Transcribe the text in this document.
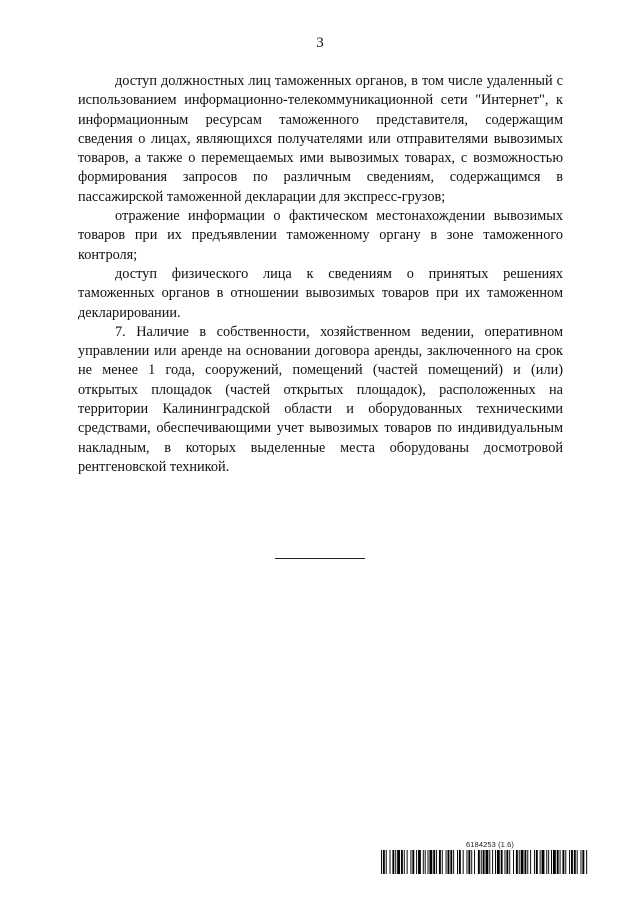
3

доступ должностных лиц таможенных органов, в том числе удаленный с использованием информационно-телекоммуникационной сети "Интернет", к информационным ресурсам таможенного представителя, содержащим сведения о лицах, являющихся получателями или отправителями вывозимых товаров, а также о перемещаемых ими вывозимых товарах, с возможностью формирования запросов по различным сведениям, содержащимся в пассажирской таможенной декларации для экспресс-грузов;

отражение информации о фактическом местонахождении вывозимых товаров при их предъявлении таможенному органу в зоне таможенного контроля;

доступ физического лица к сведениям о принятых решениях таможенных органов в отношении вывозимых товаров при их таможенном декларировании.

7. Наличие в собственности, хозяйственном ведении, оперативном управлении или аренде на основании договора аренды, заключенного на срок не менее 1 года, сооружений, помещений (частей помещений) и (или) открытых площадок (частей открытых площадок), расположенных на территории Калининградской области и оборудованных техническими средствами, обеспечивающими учет вывозимых товаров по индивидуальным накладным, в которых выделенные места оборудованы досмотровой рентгеновской техникой.

6184253 (1.6)
